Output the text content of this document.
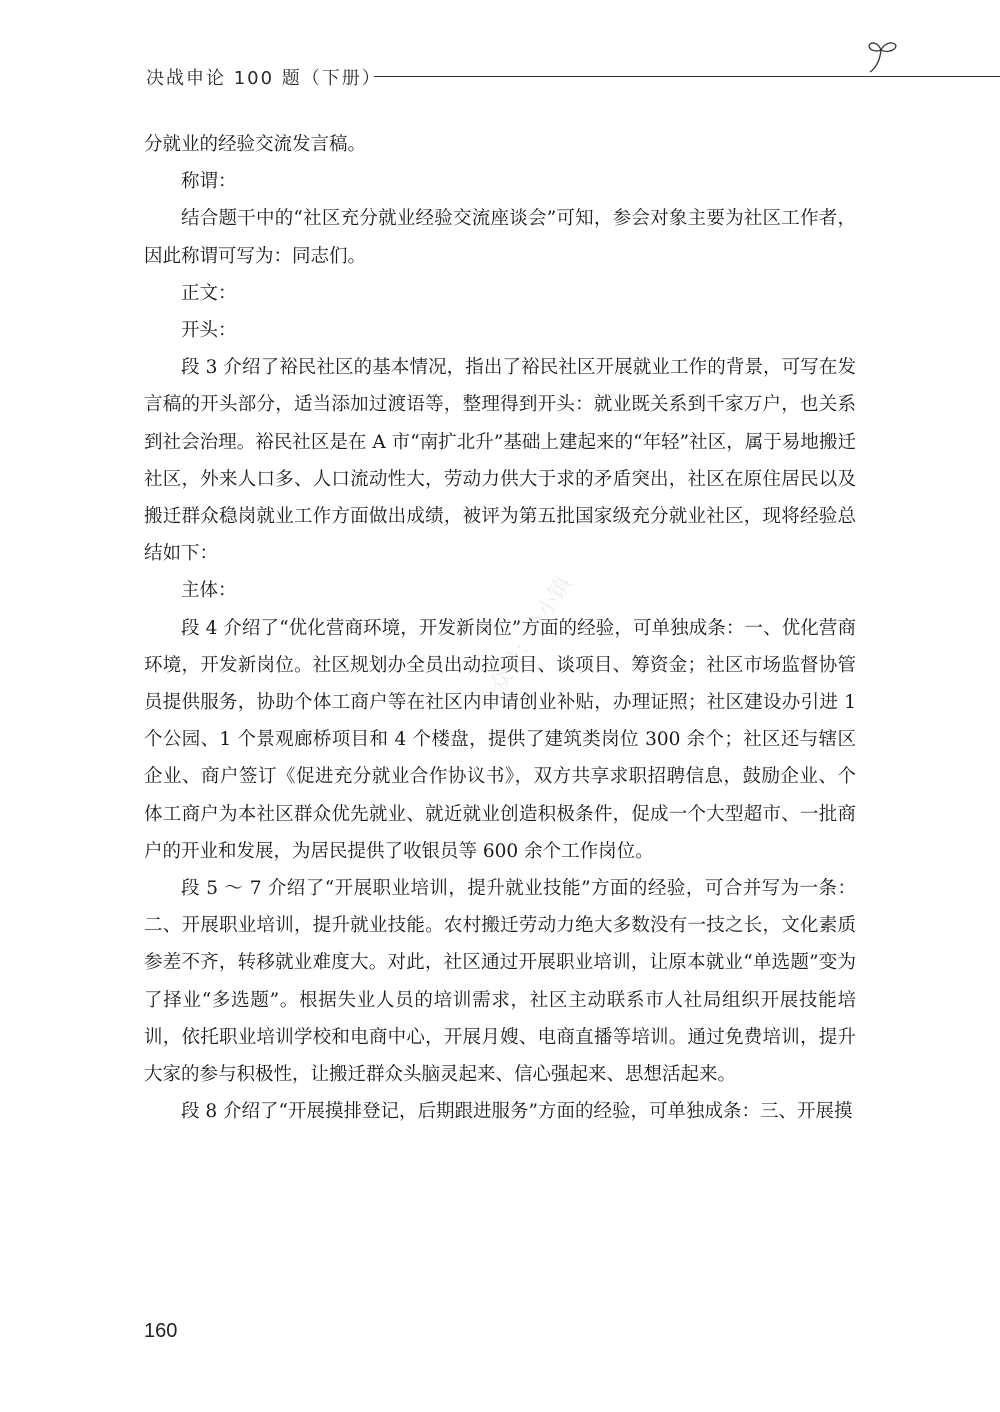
决战申论 100 题（下册）

分就业的经验交流发言稿。

称谓：

结合题干中的“社区充分就业经验交流座谈会”可知，参会对象主要为社区工作者，因此称谓可写为：同志们。

正文：

开头：

段 3 介绍了裕民社区的基本情况，指出了裕民社区开展就业工作的背景，可写在发言稿的开头部分，适当添加过渡语等，整理得到开头：就业既关系到千家万户，也关系到社会治理。裕民社区是在 A 市“南扩北升”基础上建起来的“年轻”社区，属于易地搬迁社区，外来人口多、人口流动性大，劳动力供大于求的矛盾突出，社区在原住居民以及搬迁群众稳岗就业工作方面做出成绩，被评为第五批国家级充分就业社区，现将经验总结如下：

主体：

段 4 介绍了“优化营商环境，开发新岗位”方面的经验，可单独成条：一、优化营商环境，开发新岗位。社区规划办全员出动拉项目、谈项目、筹资金；社区市场监督协管员提供服务，协助个体工商户等在社区内申请创业补贴，办理证照；社区建设办引进 1 个公园、1 个景观廊桥项目和 4 个楼盘，提供了建筑类岗位 300 余个；社区还与辖区企业、商户签订《促进充分就业合作协议书》，双方共享求职招聘信息，鼓励企业、个体工商户为本社区群众优先就业、就近就业创造积极条件，促成一个大型超市、一批商户的开业和发展，为居民提供了收银员等 600 余个工作岗位。

段 5 ～ 7 介绍了“开展职业培训，提升就业技能”方面的经验，可合并写为一条：二、开展职业培训，提升就业技能。农村搬迁劳动力绝大多数没有一技之长，文化素质参差不齐，转移就业难度大。对此，社区通过开展职业培训，让原本就业“单选题”变为了择业“多选题”。根据失业人员的培训需求，社区主动联系市人社局组织开展技能培训，依托职业培训学校和电商中心，开展月嫂、电商直播等培训。通过免费培训，提升大家的参与积极性，让搬迁群众头脑灵起来、信心强起来、思想活起来。

段 8 介绍了“开展摸排登记，后期跟进服务”方面的经验，可单独成条：三、开展摸

公众号：公小镇
160
